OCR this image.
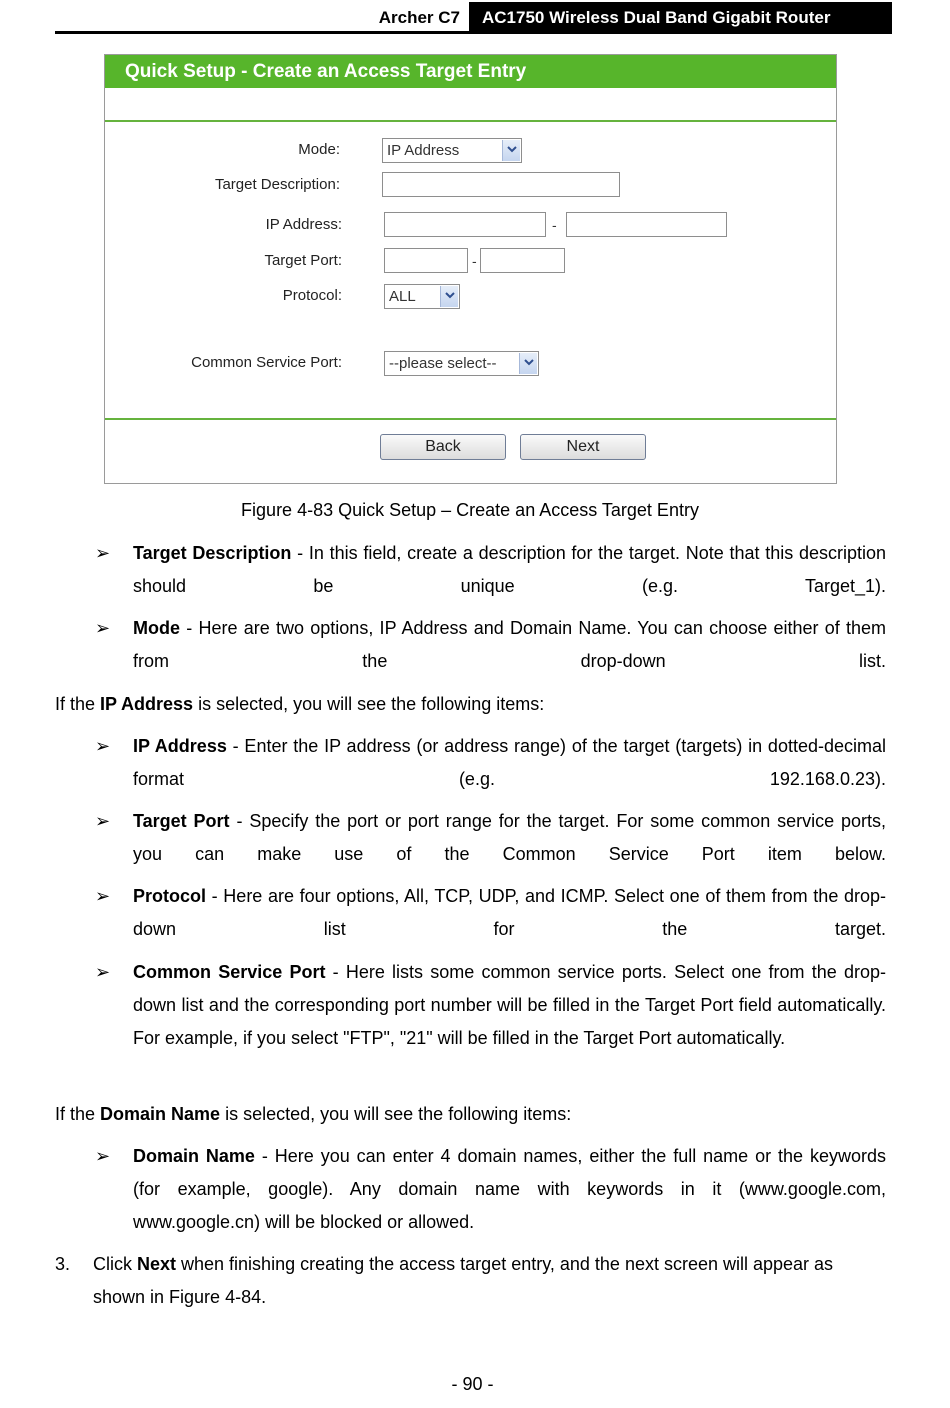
Archer C7	AC1750 Wireless Dual Band Gigabit Router
Quick Setup - Create an Access Target Entry
Mode:	IP Address
Target Description:
IP Address:	-
Target Port:	-
Protocol:	ALL
Common Service Port:	--please select--
Back	Next
Figure 4-83 Quick Setup – Create an Access Target Entry
➢ Target Description - In this field, create a description for the target. Note that this description should be unique (e.g. Target_1).
➢ Mode - Here are two options, IP Address and Domain Name. You can choose either of them from the drop-down list.
If the IP Address is selected, you will see the following items:
➢ IP Address - Enter the IP address (or address range) of the target (targets) in dotted-decimal format (e.g. 192.168.0.23).
➢ Target Port - Specify the port or port range for the target. For some common service ports, you can make use of the Common Service Port item below.
➢ Protocol - Here are four options, All, TCP, UDP, and ICMP. Select one of them from the drop-down list for the target.
➢ Common Service Port - Here lists some common service ports. Select one from the drop-down list and the corresponding port number will be filled in the Target Port field automatically. For example, if you select "FTP", "21" will be filled in the Target Port automatically.
If the Domain Name is selected, you will see the following items:
➢ Domain Name - Here you can enter 4 domain names, either the full name or the keywords (for example, google). Any domain name with keywords in it (www.google.com, www.google.cn) will be blocked or allowed.
3. Click Next when finishing creating the access target entry, and the next screen will appear as shown in Figure 4-84.
- 90 -
